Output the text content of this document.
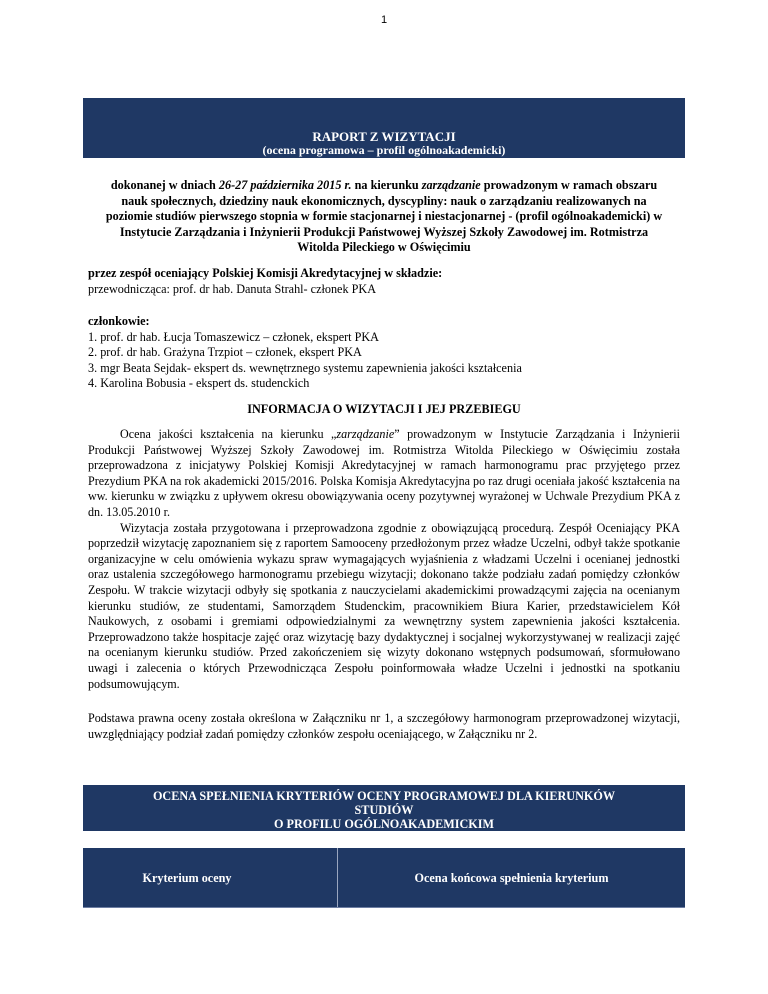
1
RAPORT Z WIZYTACJI
(ocena programowa – profil ogólnoakademicki)
dokonanej w dniach 26-27 października 2015 r. na kierunku zarządzanie prowadzonym w ramach obszaru nauk społecznych, dziedziny nauk ekonomicznych, dyscypliny: nauk o zarządzaniu realizowanych na poziomie studiów pierwszego stopnia w formie stacjonarnej i niestacjonarnej - (profil ogólnoakademicki) w Instytucie Zarządzania i Inżynierii Produkcji Państwowej Wyższej Szkoły Zawodowej im. Rotmistrza Witolda Pileckiego w Oświęcimiu
przez zespół oceniający Polskiej Komisji Akredytacyjnej w składzie:
przewodnicząca: prof. dr hab. Danuta Strahl- członek PKA
członkowie:
1. prof. dr hab. Łucja Tomaszewicz – członek, ekspert PKA
2. prof. dr hab. Grażyna Trzpiot – członek, ekspert PKA
3. mgr Beata Sejdak- ekspert ds. wewnętrznego systemu zapewnienia jakości kształcenia
4. Karolina Bobusia - ekspert ds. studenckich
INFORMACJA O WIZYTACJI I JEJ PRZEBIEGU
Ocena jakości kształcenia na kierunku „zarządzanie” prowadzonym w Instytucie Zarządzania i Inżynierii Produkcji Państwowej Wyższej Szkoły Zawodowej im. Rotmistrza Witolda Pileckiego w Oświęcimiu została przeprowadzona z inicjatywy Polskiej Komisji Akredytacyjnej w ramach harmonogramu prac przyjętego przez Prezydium PKA na rok akademicki 2015/2016. Polska Komisja Akredytacyjna po raz drugi oceniała jakość kształcenia na ww. kierunku w związku z upływem okresu obowiązywania oceny pozytywnej wyrażonej w Uchwale Prezydium PKA z dn. 13.05.2010 r.
Wizytacja została przygotowana i przeprowadzona zgodnie z obowiązującą procedurą. Zespół Oceniający PKA poprzedził wizytację zapoznaniem się z raportem Samooceny przedłożonym przez władze Uczelni, odbył także spotkanie organizacyjne w celu omówienia wykazu spraw wymagających wyjaśnienia z władzami Uczelni i ocenianej jednostki oraz ustalenia szczegółowego harmonogramu przebiegu wizytacji; dokonano także podziału zadań pomiędzy członków Zespołu. W trakcie wizytacji odbyły się spotkania z nauczycielami akademickimi prowadzącymi zajęcia na ocenianym kierunku studiów, ze studentami, Samorządem Studenckim, pracownikiem Biura Karier, przedstawicielem Kół Naukowych, z osobami i gremiami odpowiedzialnymi za wewnętrzny system zapewnienia jakości kształcenia. Przeprowadzono także hospitacje zajęć oraz wizytację bazy dydaktycznej i socjalnej wykorzystywanej w realizacji zajęć na ocenianym kierunku studiów. Przed zakończeniem się wizyty dokonano wstępnych podsumowań, sformułowano uwagi i zalecenia o których Przewodnicząca Zespołu poinformowała władze Uczelni i jednostki na spotkaniu podsumowującym.
Podstawa prawna oceny została określona w Załączniku nr 1, a szczegółowy harmonogram przeprowadzonej wizytacji, uwzględniający podział zadań pomiędzy członków zespołu oceniającego, w Załączniku nr 2.
OCENA SPEŁNIENIA KRYTERIÓW OCENY PROGRAMOWEJ DLA KIERUNKÓW
STUDIÓW
O PROFILU OGÓLNOAKADEMICKIM
Kryterium oceny	Ocena końcowa spełnienia kryterium
